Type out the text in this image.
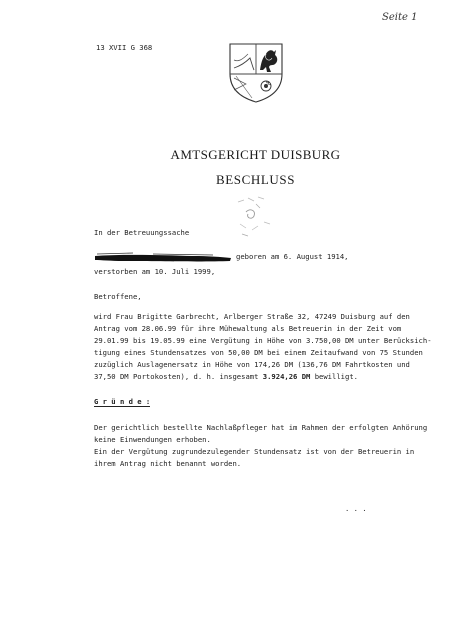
Seite 1
13 XVII G 368
AMTSGERICHT DUISBURG
BESCHLUSS
In der Betreuungssache
geboren am 6. August 1914,
verstorben am 10. Juli 1999,
Betroffene,
wird Frau Brigitte Garbrecht, Arlberger Straße 32, 47249 Duisburg auf den
Antrag vom 28.06.99 für ihre Mühewaltung als Betreuerin in der Zeit vom
29.01.99 bis 19.05.99 eine Vergütung in Höhe von 3.750,00 DM unter Berücksich-
tigung eines Stundensatzes von 50,00 DM bei einem Zeitaufwand von 75 Stunden
zuzüglich Auslagenersatz in Höhe von 174,26 DM (136,76 DM Fahrtkosten und
37,50 DM Portokosten), d. h. insgesamt 3.924,26 DM bewilligt.
G r ü n d e :
Der gerichtlich bestellte Nachlaßpfleger hat im Rahmen der erfolgten Anhörung
keine Einwendungen erhoben.
Ein der Vergütung zugrundezulegender Stundensatz ist von der Betreuerin in
ihrem Antrag nicht benannt worden.
. . .
